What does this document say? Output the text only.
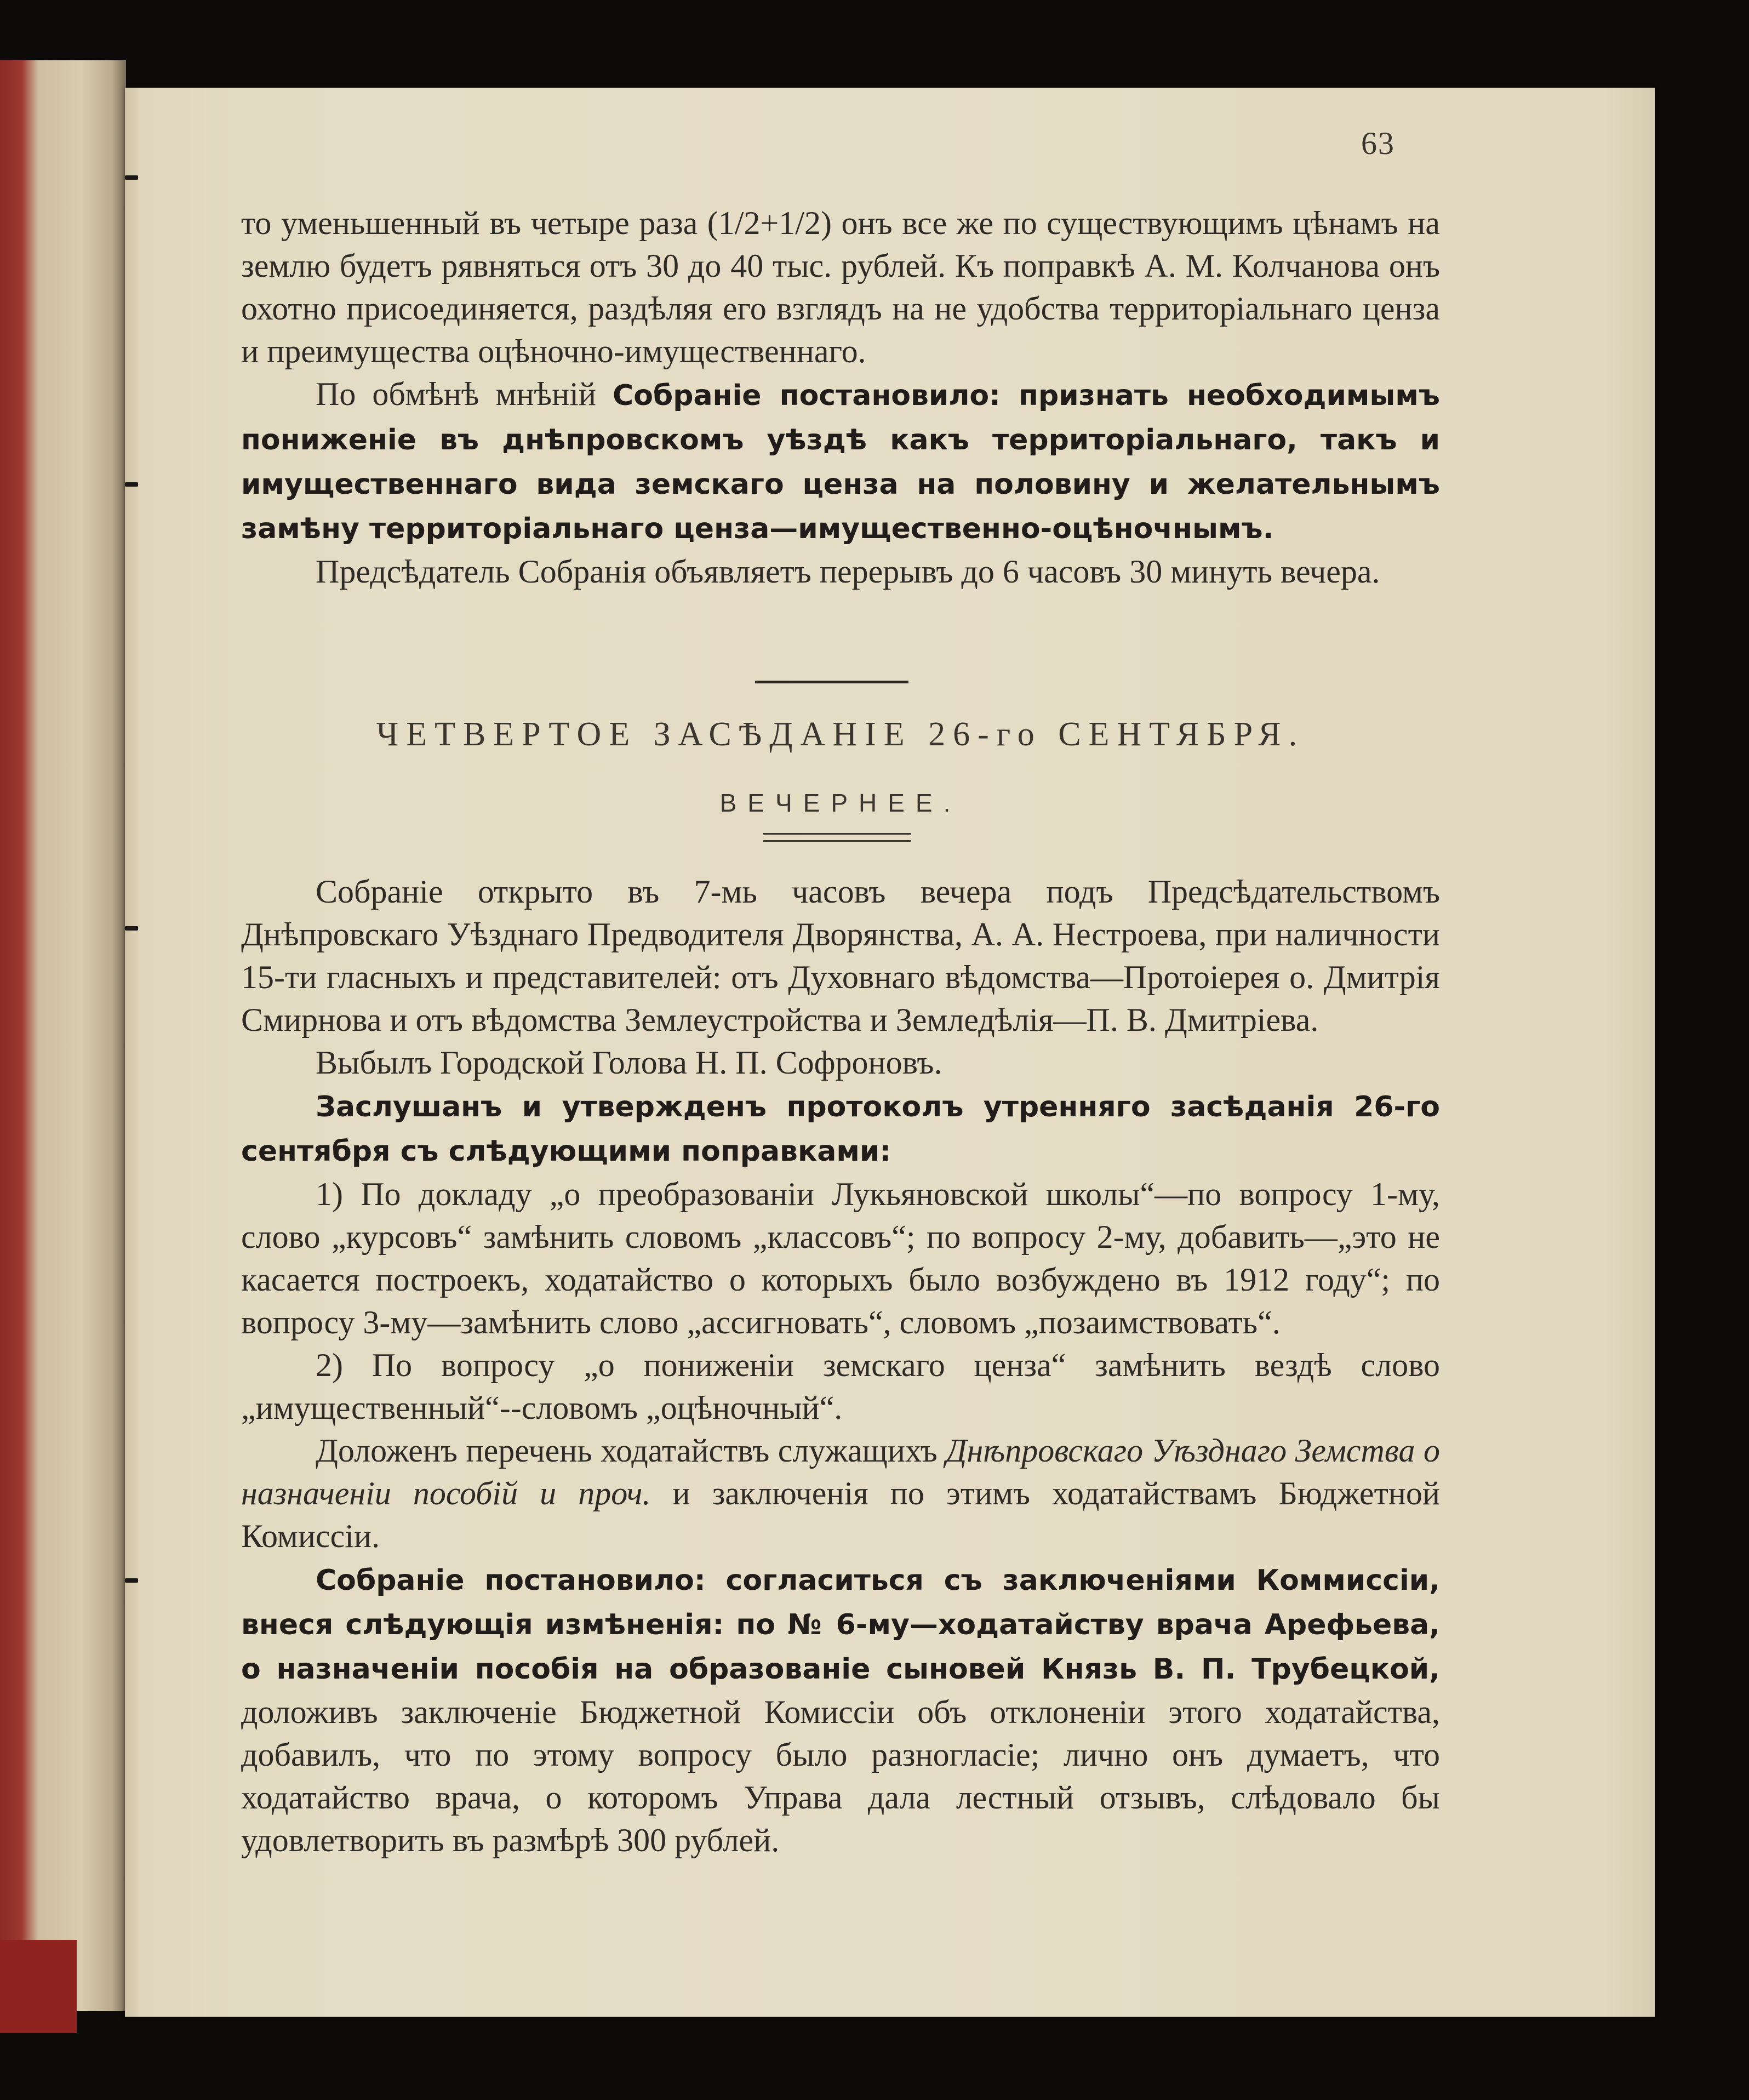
63

то уменьшенный въ четыре раза (1/2+1/2) онъ все же по существующимъ цѣнамъ на землю будетъ рявняться отъ 30 до 40 тыс. рублей. Къ поправкѣ А. М. Колчанова онъ охотно присоединяется, раздѣляя его взглядъ на не удобства территоріальнаго ценза и преимущества оцѣночно-имущественнаго.

По обмѣнѣ мнѣній Собраніе постановило: признать необходимымъ пониженіе въ днѣпровскомъ уѣздѣ какъ территоріальнаго, такъ и имущественнаго вида земскаго ценза на половину и желательнымъ замѣну территоріальнаго ценза—имущественно-оцѣночнымъ.

Предсѣдатель Собранія объявляетъ перерывъ до 6 часовъ 30 минуть вечера.

ЧЕТВЕРТОЕ ЗАСѢДАНІЕ 26-го СЕНТЯБРЯ.
ВЕЧЕРНЕЕ.

Собраніе открыто въ 7-мь часовъ вечера подъ Предсѣдательствомъ Днѣпровскаго Уѣзднаго Предводителя Дворянства, А. А. Нестроева, при наличности 15-ти гласныхъ и представителей: отъ Духовнаго вѣдомства—Протоіерея о. Дмитрія Смирнова и отъ вѣдомства Землеустройства и Земледѣлія—П. В. Дмитріева.

Выбылъ Городской Голова Н. П. Софроновъ.

Заслушанъ и утвержденъ протоколъ утренняго засѣданія 26-го сентября съ слѣдующими поправками:

1) По докладу „о преобразованіи Лукьяновской школы“—по вопросу 1-му, слово „курсовъ“ замѣнить словомъ „классовъ“; по вопросу 2-му, добавить—„это не касается построекъ, ходатайство о которыхъ было возбуждено въ 1912 году“; по вопросу 3-му—замѣнить слово „ассигновать“, словомъ „позаимствовать“.

2) По вопросу „о пониженіи земскаго ценза“ замѣнить вездѣ слово „имущественный“--словомъ „оцѣночный“.

Доложенъ перечень ходатайствъ служащихъ Днѣпровскаго Уѣзднаго Земства о назначеніи пособій и проч. и заключенія по этимъ ходатайствамъ Бюджетной Комиссіи.

Собраніе постановило: согласиться съ заключеніями Коммиссіи, внеся слѣдующія измѣненія: по № 6-му—ходатайству врача Арефьева, о назначеніи пособія на образованіе сыновей Князь В. П. Трубецкой, доложивъ заключеніе Бюджетной Комиссіи объ отклоненіи этого ходатайства, добавилъ, что по этому вопросу было разногласіе; лично онъ думаетъ, что ходатайство врача, о которомъ Управа дала лестный отзывъ, слѣдовало бы удовлетворить въ размѣрѣ 300 рублей.
